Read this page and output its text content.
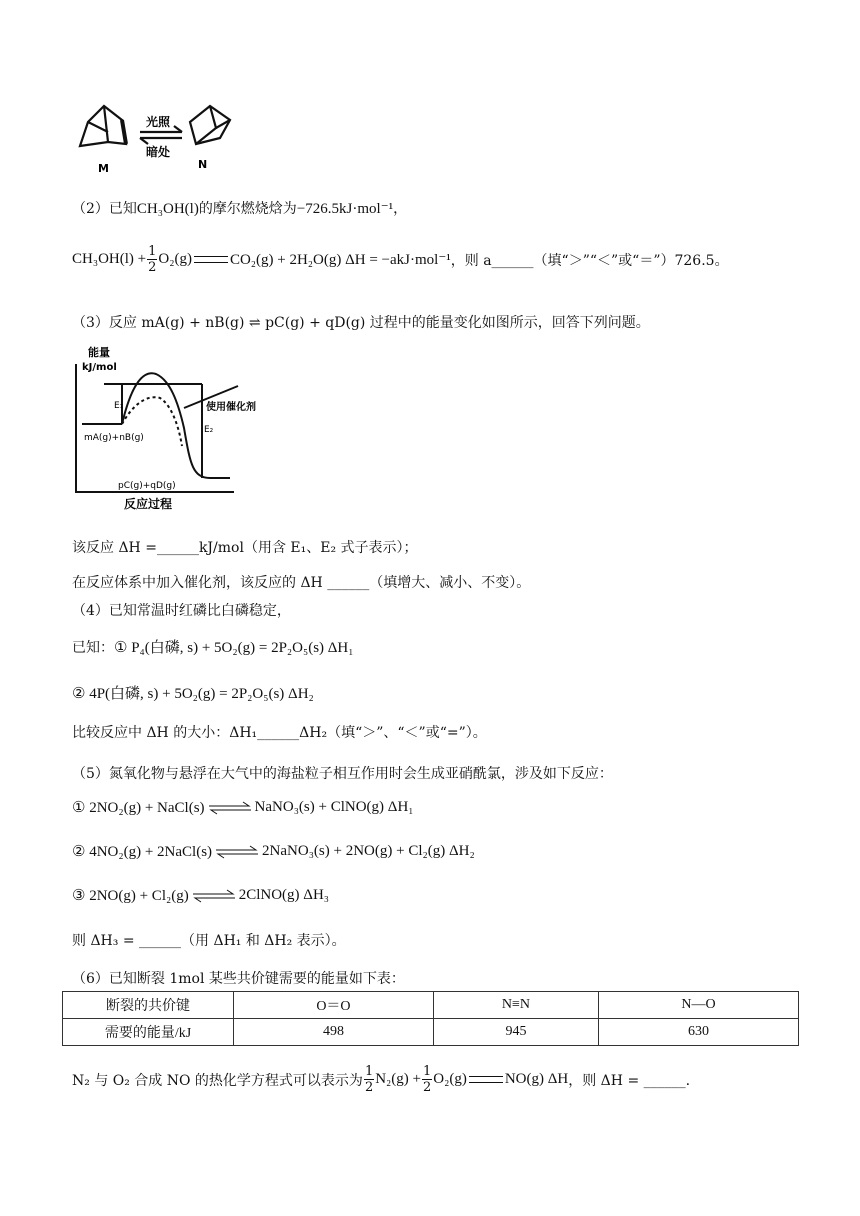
M	N
光照
暗处
（2）已知CH₃OH(l)的摩尔燃烧焓为−726.5kJ·mol⁻¹，
$CH_3OH(l) + \frac{1}{2} O_2(g)$	CO₂(g) + 2H₂O(g) ΔH = −akJ·mol⁻¹ ，则 a______（填“＞”“＜”或“＝”）726.5。
（3）反应 mA(g) + nB(g) ⇌ pC(g) + qD(g) 过程中的能量变化如图所示，回答下列问题。
能量
kJ/mol
E₁
E₂
使用催化剂
mA(g)+nB(g)
pC(g)+qD(g)
反应过程
该反应 ΔH =______kJ/mol（用含 E₁、E₂ 式子表示）；
在反应体系中加入催化剂，该反应的 ΔH ______（填增大、减小、不变）。
（4）已知常温时红磷比白磷稳定，
已知：① P₄(白磷, s) + 5O₂(g) = 2P₂O₅(s) ΔH₁
② 4P(白磷, s) + 5O₂(g) = 2P₂O₅(s) ΔH₂
比较反应中 ΔH 的大小：ΔH₁______ΔH₂（填“＞”、“＜”或“=”）。
（5）氮氧化物与悬浮在大气中的海盐粒子相互作用时会生成亚硝酰氯，涉及如下反应：
① 2NO₂(g) + NaCl(s) ⇌ NaNO₃(s) + ClNO(g) ΔH₁
② 4NO₂(g) + 2NaCl(s) ⇌ 2NaNO₃(s) + 2NO(g) + Cl₂(g) ΔH₂
③ 2NO(g) + Cl₂(g) ⇌ 2ClNO(g) ΔH₃
则 ΔH₃ = ______（用 ΔH₁ 和 ΔH₂ 表示）。
（6）已知断裂 1mol 某些共价键需要的能量如下表：
断裂的共价键	O＝O	N≡N	N—O
需要的能量/kJ	498	945	630
N₂ 与 O₂ 合成 NO 的热化学方程式可以表示为 $\frac{1}{2} N_2(g) + \frac{1}{2} O_2(g)$	NO(g) ΔH ，则 ΔH = ______.
